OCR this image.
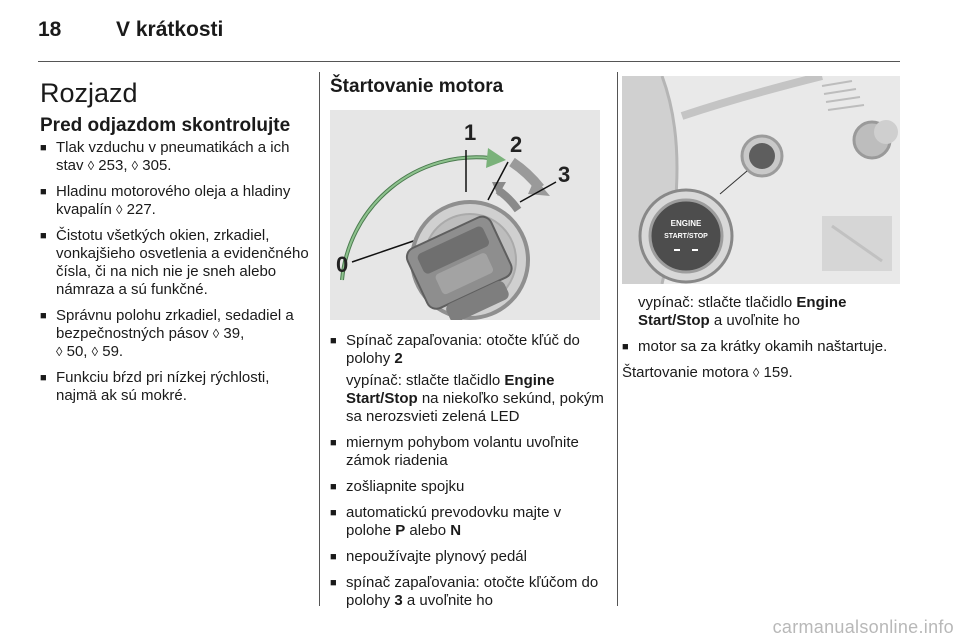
18	V krátkosti
Rozjazd
Pred odjazdom skontrolujte
■ Tlak vzduchu v pneumatikách a ich stav ◊ 253, ◊ 305.
■ Hladinu motorového oleja a hladiny kvapalín ◊ 227.
■ Čistotu všetkých okien, zrkadiel, vonkajšieho osvetlenia a evidenčného čísla, či na nich nie je sneh alebo námraza a sú funkčné.
■ Správnu polohu zrkadiel, sedadiel a bezpečnostných pásov ◊ 39,
◊ 50, ◊ 59.
■ Funkciu bŕzd pri nízkej rýchlosti, najmä ak sú mokré.
Štartovanie motora
1 2
3
0
■ Spínač zapaľovania: otočte kľúč do polohy 2
vypínač: stlačte tlačidlo Engine Start/Stop na niekoľko sekúnd, pokým sa nerozsvieti zelená LED
■ miernym pohybom volantu uvoľnite zámok riadenia
■ zošliapnite spojku
■ automatickú prevodovku majte v polohe P alebo N
■ nepoužívajte plynový pedál
■ spínač zapaľovania: otočte kľúčom do polohy 3 a uvoľnite ho
ENGINE
START/STOP
vypínač: stlačte tlačidlo Engine Start/Stop a uvoľnite ho
■ motor sa za krátky okamih naštartuje.
Štartovanie motora ◊ 159.
carmanualsonline.info
